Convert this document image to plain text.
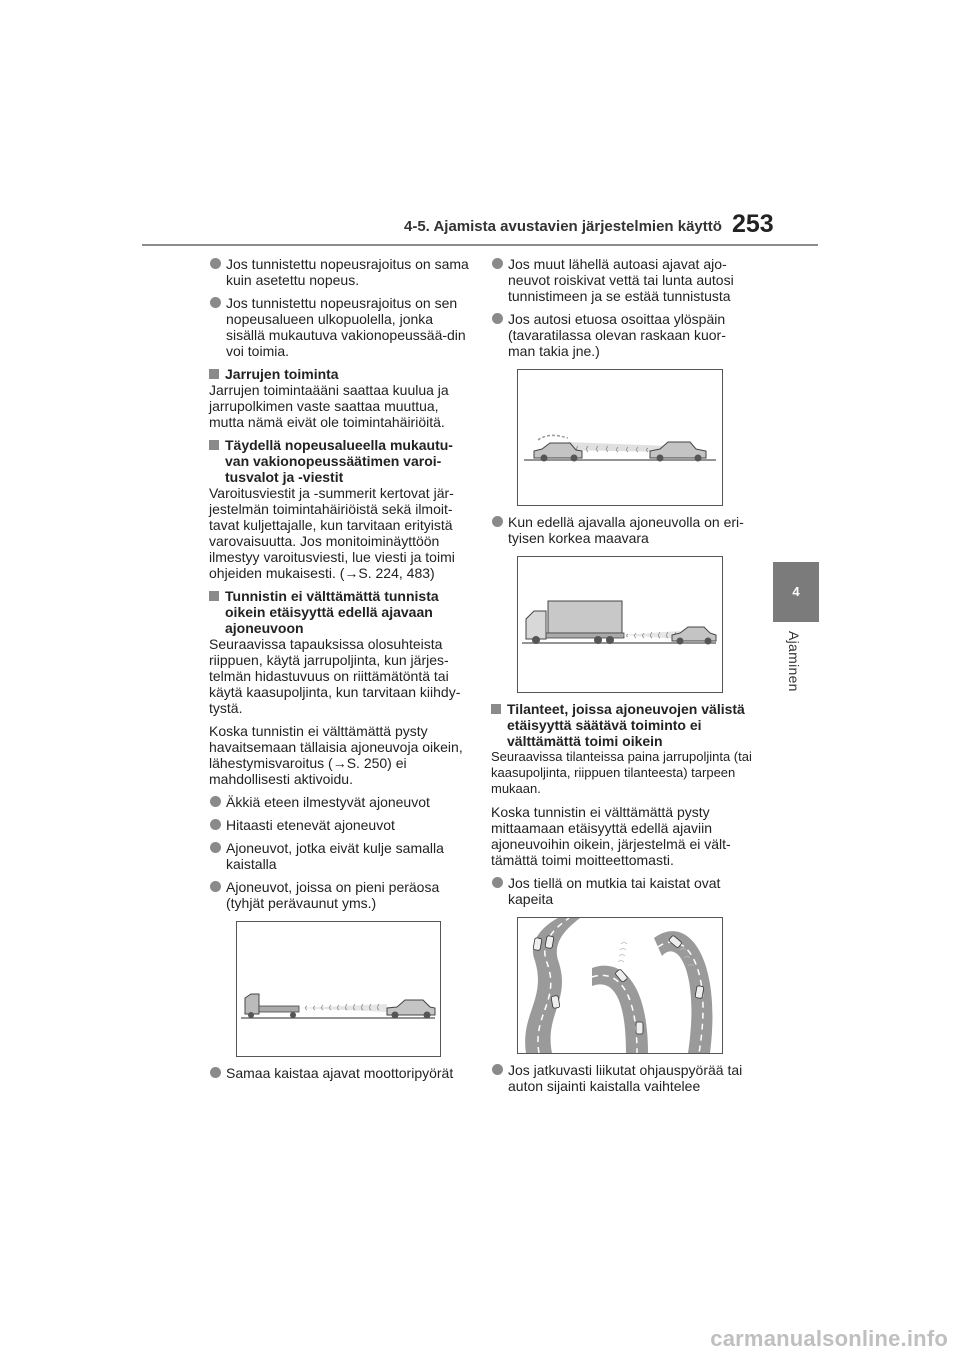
4-5. Ajamista avustavien järjestelmien käyttö 253
4
Ajaminen
Jos tunnistettu nopeusrajoitus on sama kuin asetettu nopeus.
Jos tunnistettu nopeusrajoitus on sen nopeusalueen ulkopuolella, jonka sisällä mukautuva vakionopeussää-din voi toimia.
Jarrujen toiminta
Jarrujen toimintaääni saattaa kuulua ja jarrupolkimen vaste saattaa muuttua, mutta nämä eivät ole toimintahäiriöitä.
Täydellä nopeusalueella mukautu-van vakionopeussäätimen varoi-tusvalot ja -viestit
Varoitusviestit ja -summerit kertovat jär-jestelmän toimintahäiriöistä sekä ilmoit-tavat kuljettajalle, kun tarvitaan erityistä varovaisuutta. Jos monitoiminäyttöön ilmestyy varoitusviesti, lue viesti ja toimi ohjeiden mukaisesti. (→S. 224, 483)
Tunnistin ei välttämättä tunnista oikein etäisyyttä edellä ajavaan ajoneuvoon
Seuraavissa tapauksissa olosuhteista riippuen, käytä jarrupoljinta, kun järjes-telmän hidastuvuus on riittämätöntä tai käytä kaasupoljinta, kun tarvitaan kiihdy-tystä.
Koska tunnistin ei välttämättä pysty havaitsemaan tällaisia ajoneuvoja oikein, lähestymisvaroitus (→S. 250) ei mahdollisesti aktivoidu.
Äkkiä eteen ilmestyvät ajoneuvot
Hitaasti etenevät ajoneuvot
Ajoneuvot, jotka eivät kulje samalla kaistalla
Ajoneuvot, joissa on pieni peräosa (tyhjät perävaunut yms.)
Samaa kaistaa ajavat moottoripyörät
Jos muut lähellä autoasi ajavat ajo-neuvot roiskivat vettä tai lunta autosi tunnistimeen ja se estää tunnistusta
Jos autosi etuosa osoittaa ylöspäin (tavaratilassa olevan raskaan kuor-man takia jne.)
Kun edellä ajavalla ajoneuvolla on eri-tyisen korkea maavara
Tilanteet, joissa ajoneuvojen välistä etäisyyttä säätävä toiminto ei välttämättä toimi oikein
Seuraavissa tilanteissa paina jarrupoljinta (tai kaasupoljinta, riippuen tilanteesta) tarpeen mukaan.
Koska tunnistin ei välttämättä pysty mittaamaan etäisyyttä edellä ajaviin ajoneuvoihin oikein, järjestelmä ei vält-tämättä toimi moitteettomasti.
Jos tiellä on mutkia tai kaistat ovat kapeita
Jos jatkuvasti liikutat ohjauspyörää tai auton sijainti kaistalla vaihtelee
carmanualsonline.info
